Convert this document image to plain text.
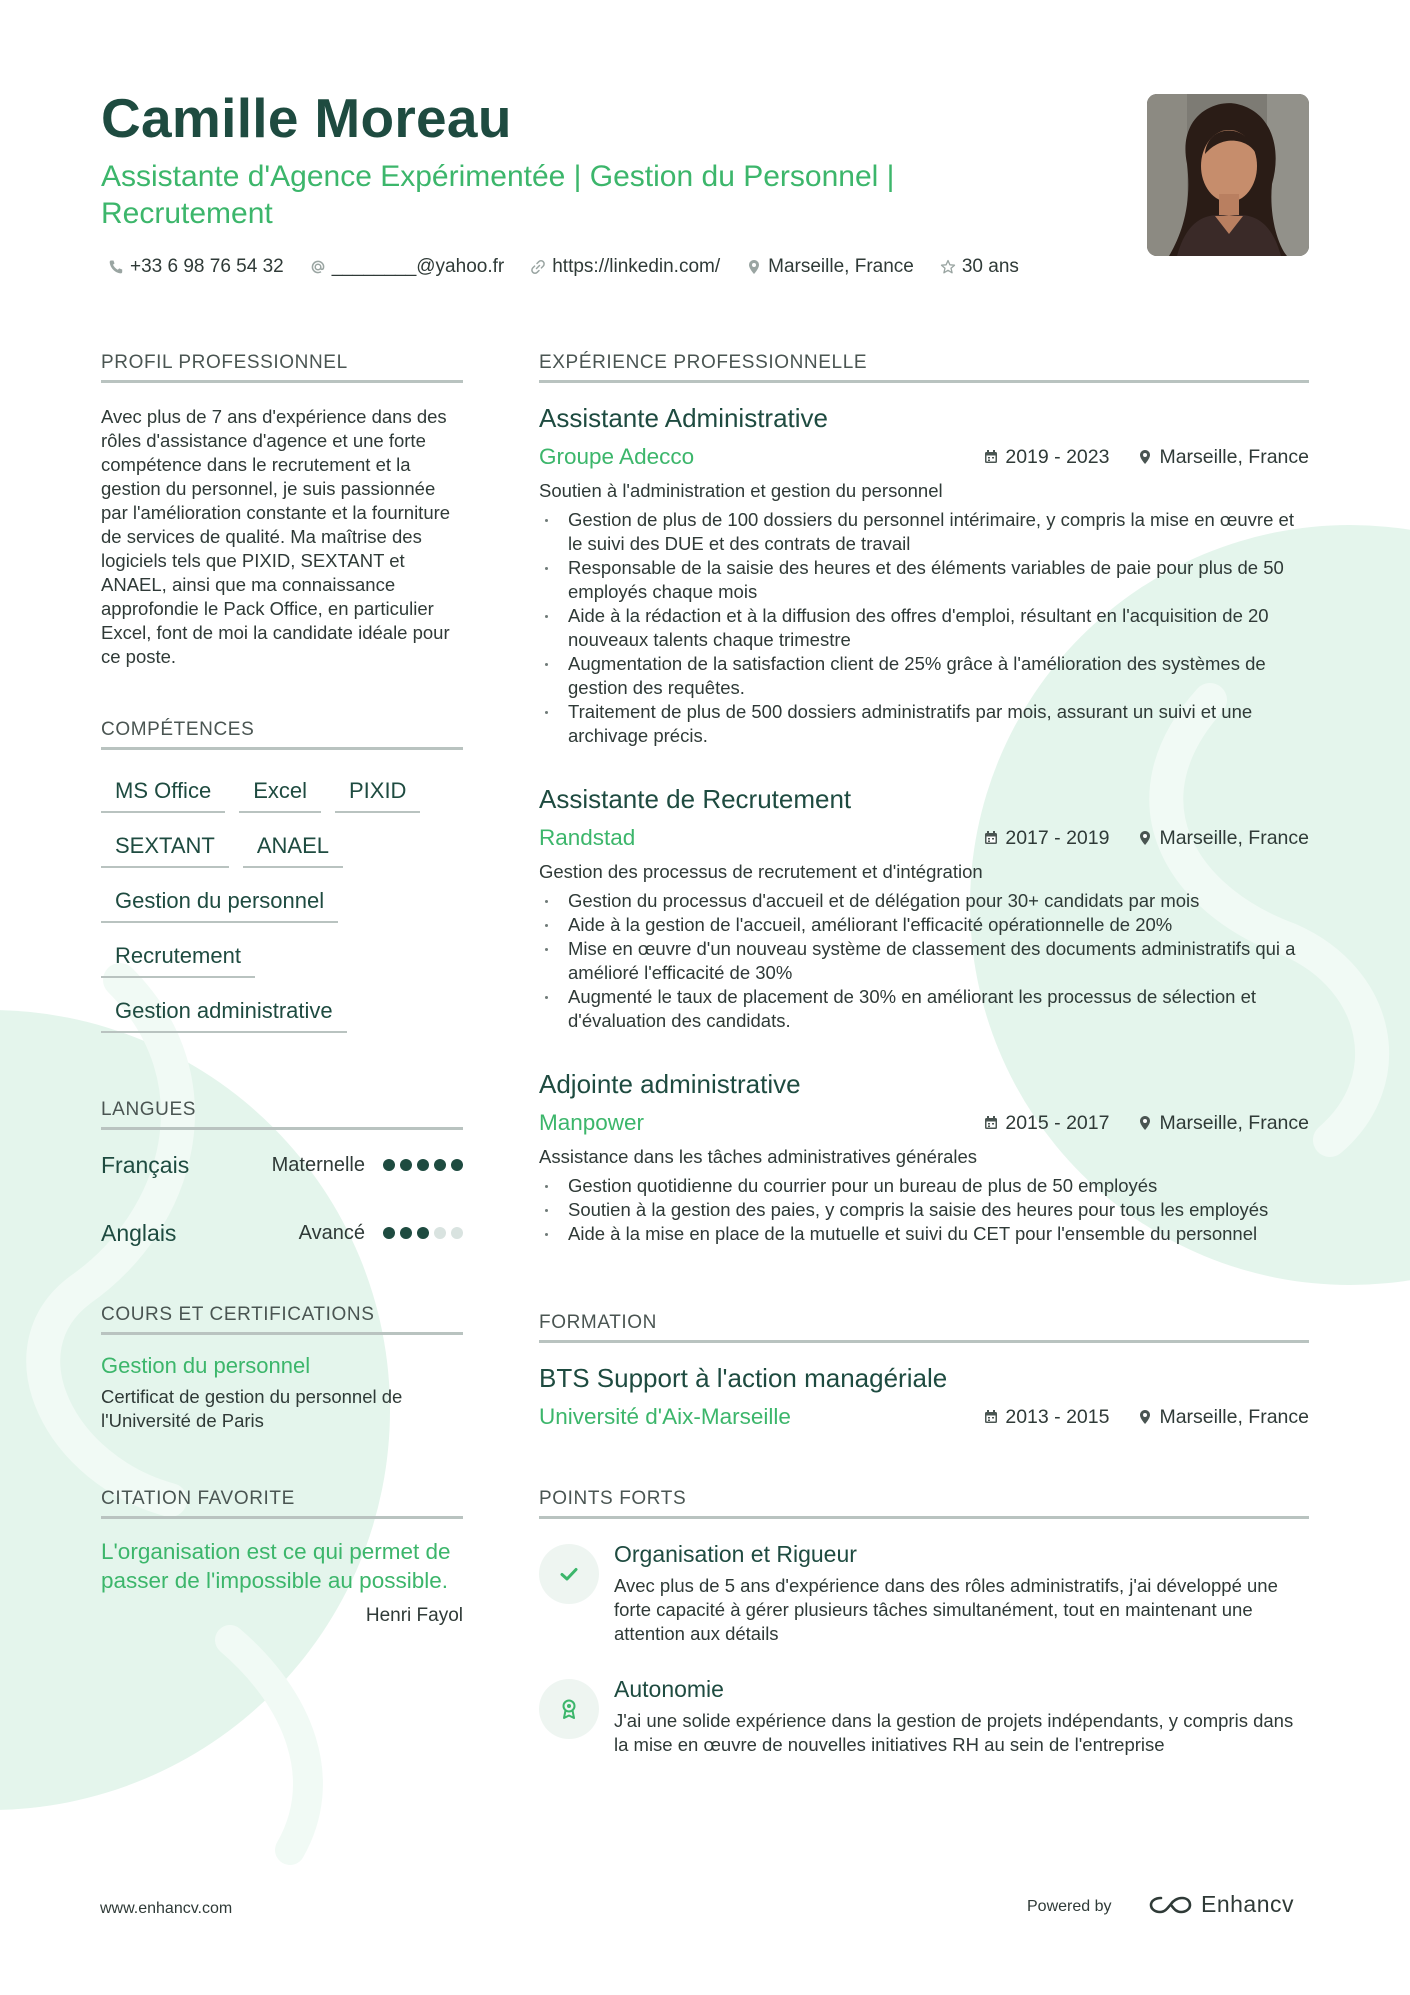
Camille Moreau

Assistante d'Agence Expérimentée | Gestion du Personnel | Recrutement

+33 6 98 76 54 32	________@yahoo.fr	https://linkedin.com/	Marseille, France	30 ans
PROFIL PROFESSIONNEL

Avec plus de 7 ans d'expérience dans des rôles d'assistance d'agence et une forte compétence dans le recrutement et la gestion du personnel, je suis passionnée par l'amélioration constante et la fourniture de services de qualité. Ma maîtrise des logiciels tels que PIXID, SEXTANT et ANAEL, ainsi que ma connaissance approfondie le Pack Office, en particulier Excel, font de moi la candidate idéale pour ce poste.

COMPÉTENCES
MS Office	Excel	PIXID
SEXTANT	ANAEL
Gestion du personnel
Recrutement
Gestion administrative
LANGUES
Français	Maternelle
Anglais	Avancé
COURS ET CERTIFICATIONS
Gestion du personnel
Certificat de gestion du personnel de l'Université de Paris
CITATION FAVORITE
L'organisation est ce qui permet de passer de l'impossible au possible.
Henri Fayol
EXPÉRIENCE PROFESSIONNELLE
Assistante Administrative
Groupe Adecco	2019 - 2023	Marseille, France
Soutien à l'administration et gestion du personnel
Gestion de plus de 100 dossiers du personnel intérimaire, y compris la mise en œuvre et le suivi des DUE et des contrats de travail
Responsable de la saisie des heures et des éléments variables de paie pour plus de 50 employés chaque mois
Aide à la rédaction et à la diffusion des offres d'emploi, résultant en l'acquisition de 20 nouveaux talents chaque trimestre
Augmentation de la satisfaction client de 25% grâce à l'amélioration des systèmes de gestion des requêtes.
Traitement de plus de 500 dossiers administratifs par mois, assurant un suivi et une archivage précis.
Assistante de Recrutement
Randstad	2017 - 2019	Marseille, France
Gestion des processus de recrutement et d'intégration
Gestion du processus d'accueil et de délégation pour 30+ candidats par mois
Aide à la gestion de l'accueil, améliorant l'efficacité opérationnelle de 20%
Mise en œuvre d'un nouveau système de classement des documents administratifs qui a amélioré l'efficacité de 30%
Augmenté le taux de placement de 30% en améliorant les processus de sélection et d'évaluation des candidats.
Adjointe administrative
Manpower	2015 - 2017	Marseille, France
Assistance dans les tâches administratives générales
Gestion quotidienne du courrier pour un bureau de plus de 50 employés
Soutien à la gestion des paies, y compris la saisie des heures pour tous les employés
Aide à la mise en place de la mutuelle et suivi du CET pour l'ensemble du personnel
FORMATION
BTS Support à l'action managériale
Université d'Aix-Marseille	2013 - 2015	Marseille, France
POINTS FORTS
Organisation et Rigueur
Avec plus de 5 ans d'expérience dans des rôles administratifs, j'ai développé une forte capacité à gérer plusieurs tâches simultanément, tout en maintenant une attention aux détails
Autonomie
J'ai une solide expérience dans la gestion de projets indépendants, y compris dans la mise en œuvre de nouvelles initiatives RH au sein de l'entreprise
www.enhancv.com	Powered by	Enhancv
